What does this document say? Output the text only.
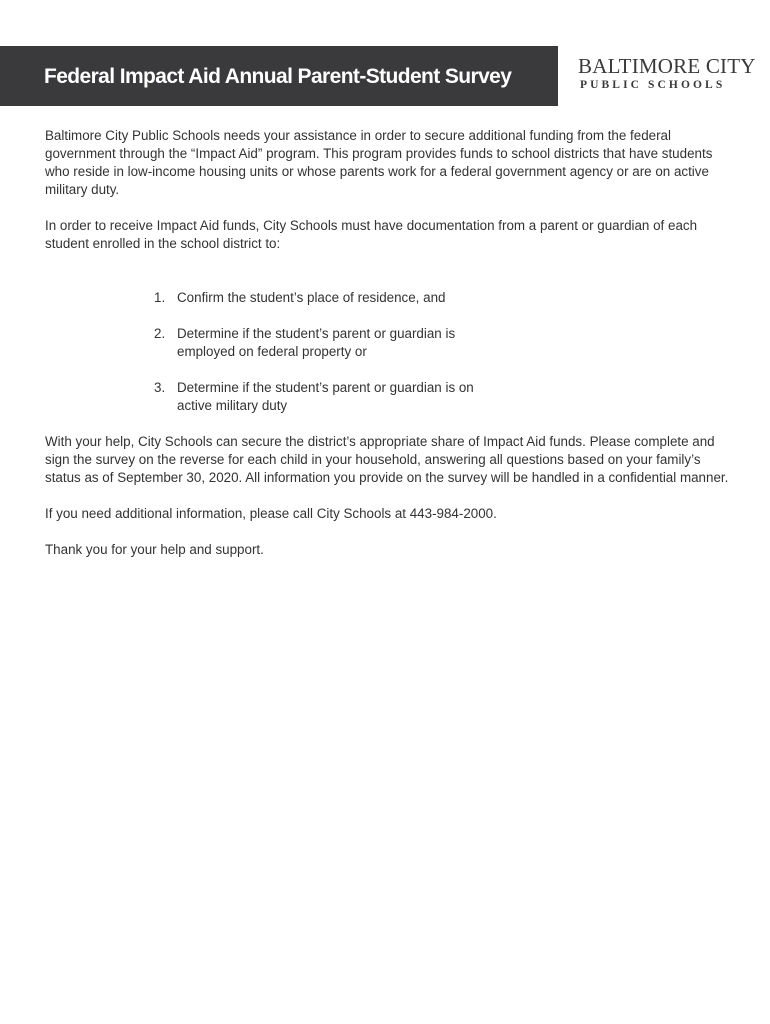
Federal Impact Aid Annual Parent-Student Survey	BALTIMORE CITY
PUBLIC SCHOOLS

Baltimore City Public Schools needs your assistance in order to secure additional funding from the federal government through the “Impact Aid” program. This program provides funds to school districts that have students who reside in low-income housing units or whose parents work for a federal government agency or are on active military duty.

In order to receive Impact Aid funds, City Schools must have documentation from a parent or guardian of each student enrolled in the school district to:

1. Confirm the student’s place of residence, and
2. Determine if the student’s parent or guardian is employed on federal property or
3. Determine if the student’s parent or guardian is on active military duty

With your help, City Schools can secure the district’s appropriate share of Impact Aid funds. Please complete and sign the survey on the reverse for each child in your household, answering all questions based on your family’s status as of September 30, 2020. All information you provide on the survey will be handled in a confidential manner.

If you need additional information, please call City Schools at 443-984-2000.

Thank you for your help and support.
